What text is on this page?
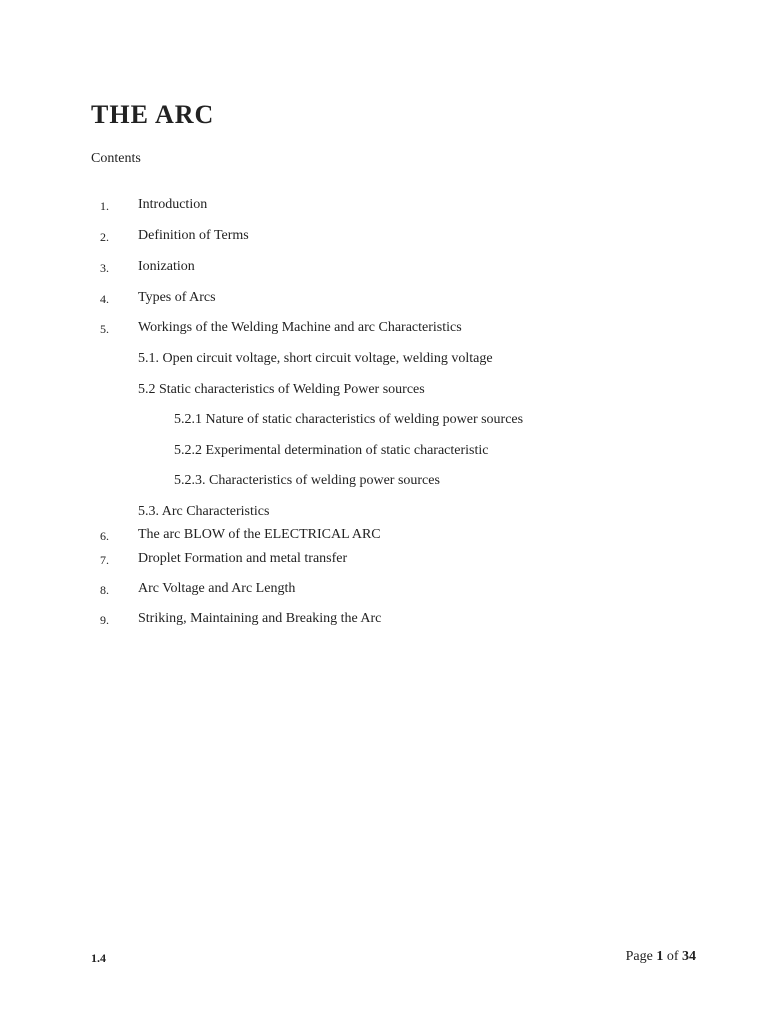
THE ARC
Contents
1.	Introduction
2.	Definition of Terms
3.	Ionization
4.	Types of Arcs
5.	Workings of the Welding Machine and arc Characteristics
5.1. Open circuit voltage, short circuit voltage, welding voltage
5.2 Static characteristics of Welding Power sources
5.2.1 Nature of static characteristics of welding power sources
5.2.2 Experimental determination of static characteristic
5.2.3. Characteristics of welding power sources
5.3. Arc Characteristics
6.	The arc BLOW of the ELECTRICAL ARC
7.	Droplet Formation and metal transfer
8.	Arc Voltage and Arc Length
9.	Striking, Maintaining and Breaking the Arc
1.4	Page 1 of 34
